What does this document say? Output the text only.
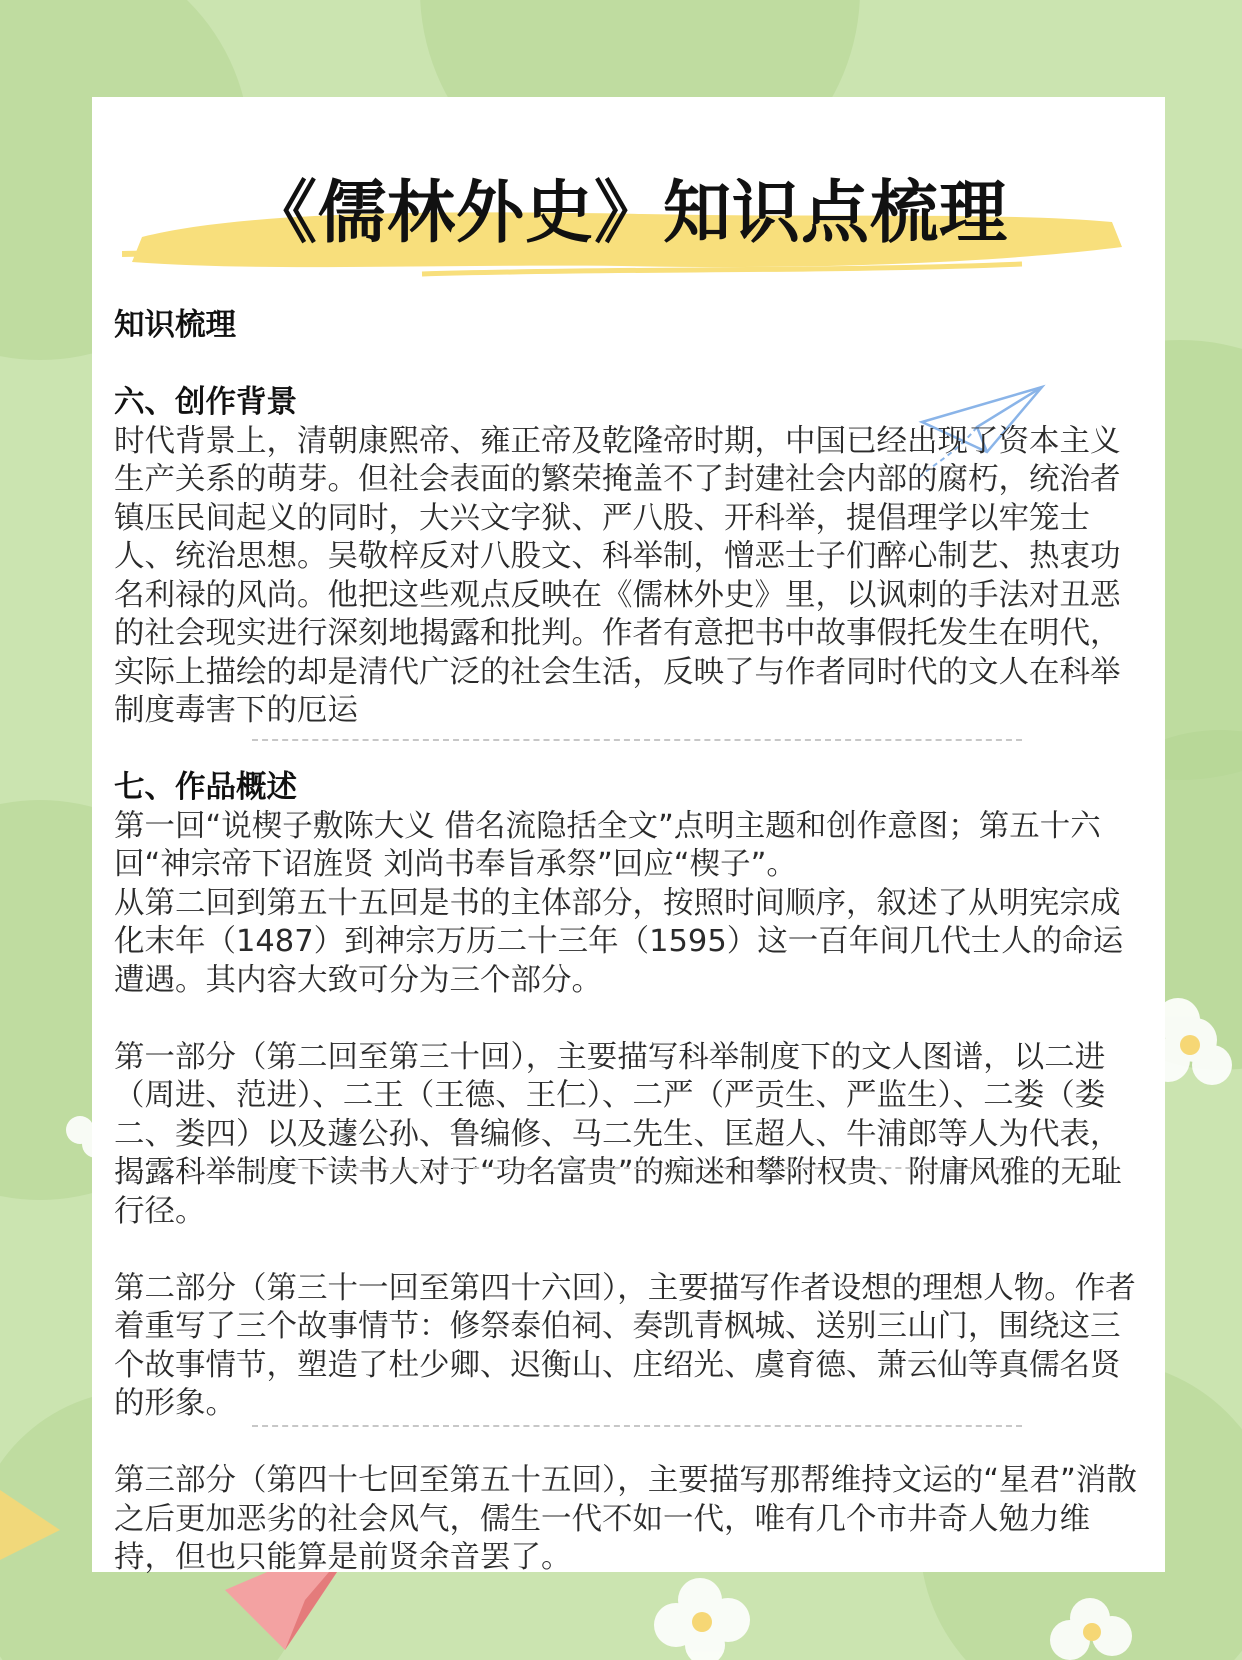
《儒林外史》知识点梳理
知识梳理
六、创作背景
时代背景上，清朝康熙帝、雍正帝及乾隆帝时期，中国已经出现了资本主义生产关系的萌芽。但社会表面的繁荣掩盖不了封建社会内部的腐朽，统治者镇压民间起义的同时，大兴文字狱、严八股、开科举，提倡理学以牢笼士人、统治思想。吴敬梓反对八股文、科举制，憎恶士子们醉心制艺、热衷功名利禄的风尚。他把这些观点反映在《儒林外史》里，以讽刺的手法对丑恶的社会现实进行深刻地揭露和批判。作者有意把书中故事假托发生在明代，实际上描绘的却是清代广泛的社会生活，反映了与作者同时代的文人在科举制度毒害下的厄运
七、作品概述
第一回“说楔子敷陈大义 借名流隐括全文”点明主题和创作意图；第五十六回“神宗帝下诏旌贤 刘尚书奉旨承祭”回应“楔子”。
从第二回到第五十五回是书的主体部分，按照时间顺序，叙述了从明宪宗成化末年（1487）到神宗万历二十三年（1595）这一百年间几代士人的命运遭遇。其内容大致可分为三个部分。
第一部分（第二回至第三十回），主要描写科举制度下的文人图谱，以二进（周进、范进）、二王（王德、王仁）、二严（严贡生、严监生）、二娄（娄二、娄四）以及蘧公孙、鲁编修、马二先生、匡超人、牛浦郎等人为代表，揭露科举制度下读书人对于“功名富贵”的痴迷和攀附权贵、附庸风雅的无耻行径。
第二部分（第三十一回至第四十六回），主要描写作者设想的理想人物。作者着重写了三个故事情节：修祭泰伯祠、奏凯青枫城、送别三山门，围绕这三个故事情节，塑造了杜少卿、迟衡山、庄绍光、虞育德、萧云仙等真儒名贤的形象。
第三部分（第四十七回至第五十五回），主要描写那帮维持文运的“星君”消散之后更加恶劣的社会风气，儒生一代不如一代，唯有几个市井奇人勉力维持，但也只能算是前贤余音罢了。
